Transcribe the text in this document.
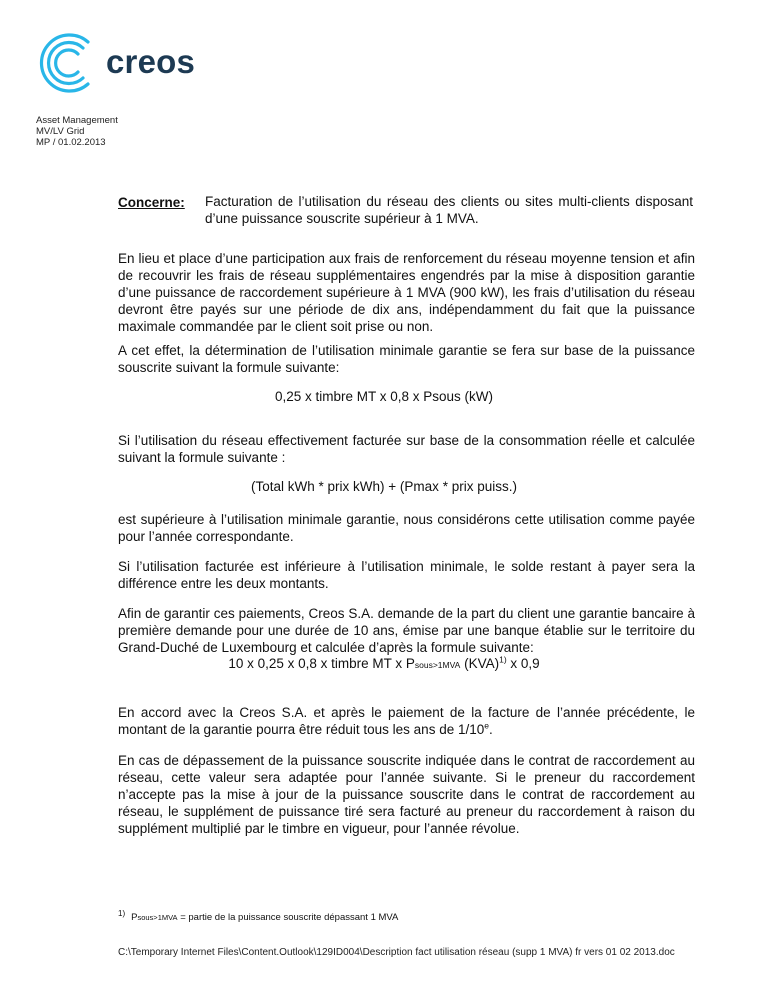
creos
Asset Management
MV/LV Grid
MP / 01.02.2013
Concerne: Facturation de l’utilisation du réseau des clients ou sites multi-clients disposant d’une puissance souscrite supérieur à 1 MVA.

En lieu et place d’une participation aux frais de renforcement du réseau moyenne tension et afin de recouvrir les frais de réseau supplémentaires engendrés par la mise à disposition garantie d’une puissance de raccordement supérieure à 1 MVA (900 kW), les frais d’utilisation du réseau devront être payés sur une période de dix ans, indépendamment du fait que la puissance maximale commandée par le client soit prise ou non.

A cet effet, la détermination de l’utilisation minimale garantie se fera sur base de la puissance souscrite suivant la formule suivante:

0,25 x timbre MT x 0,8 x Psous (kW)

Si l’utilisation du réseau effectivement facturée sur base de la consommation réelle et calculée suivant la formule suivante :

(Total kWh * prix kWh) + (Pmax * prix puiss.)

est supérieure à l’utilisation minimale garantie, nous considérons cette utilisation comme payée pour l’année correspondante.

Si l’utilisation facturée est inférieure à l’utilisation minimale, le solde restant à payer sera la différence entre les deux montants.

Afin de garantir ces paiements, Creos S.A. demande de la part du client une garantie bancaire à première demande pour une durée de 10 ans, émise par une banque établie sur le territoire du Grand-Duché de Luxembourg et calculée d’après la formule suivante:

10 x 0,25 x 0,8 x timbre MT x Psous>1MVA (KVA)$^{1)}$ x 0,9

En accord avec la Creos S.A. et après le paiement de la facture de l’année précédente, le montant de la garantie pourra être réduit tous les ans de 1/10e.

En cas de dépassement de la puissance souscrite indiquée dans le contrat de raccordement au réseau, cette valeur sera adaptée pour l’année suivante. Si le preneur du raccordement n’accepte pas la mise à jour de la puissance souscrite dans le contrat de raccordement au réseau, le supplément de puissance tiré sera facturé au preneur du raccordement à raison du supplément multiplié par le timbre en vigueur, pour l’année révolue.

$^{1)}$ Psous>1MVA = partie de la puissance souscrite dépassant 1 MVA
C:\Temporary Internet Files\Content.Outlook\129ID004\Description fact utilisation réseau (supp 1 MVA) fr vers 01 02 2013.doc
